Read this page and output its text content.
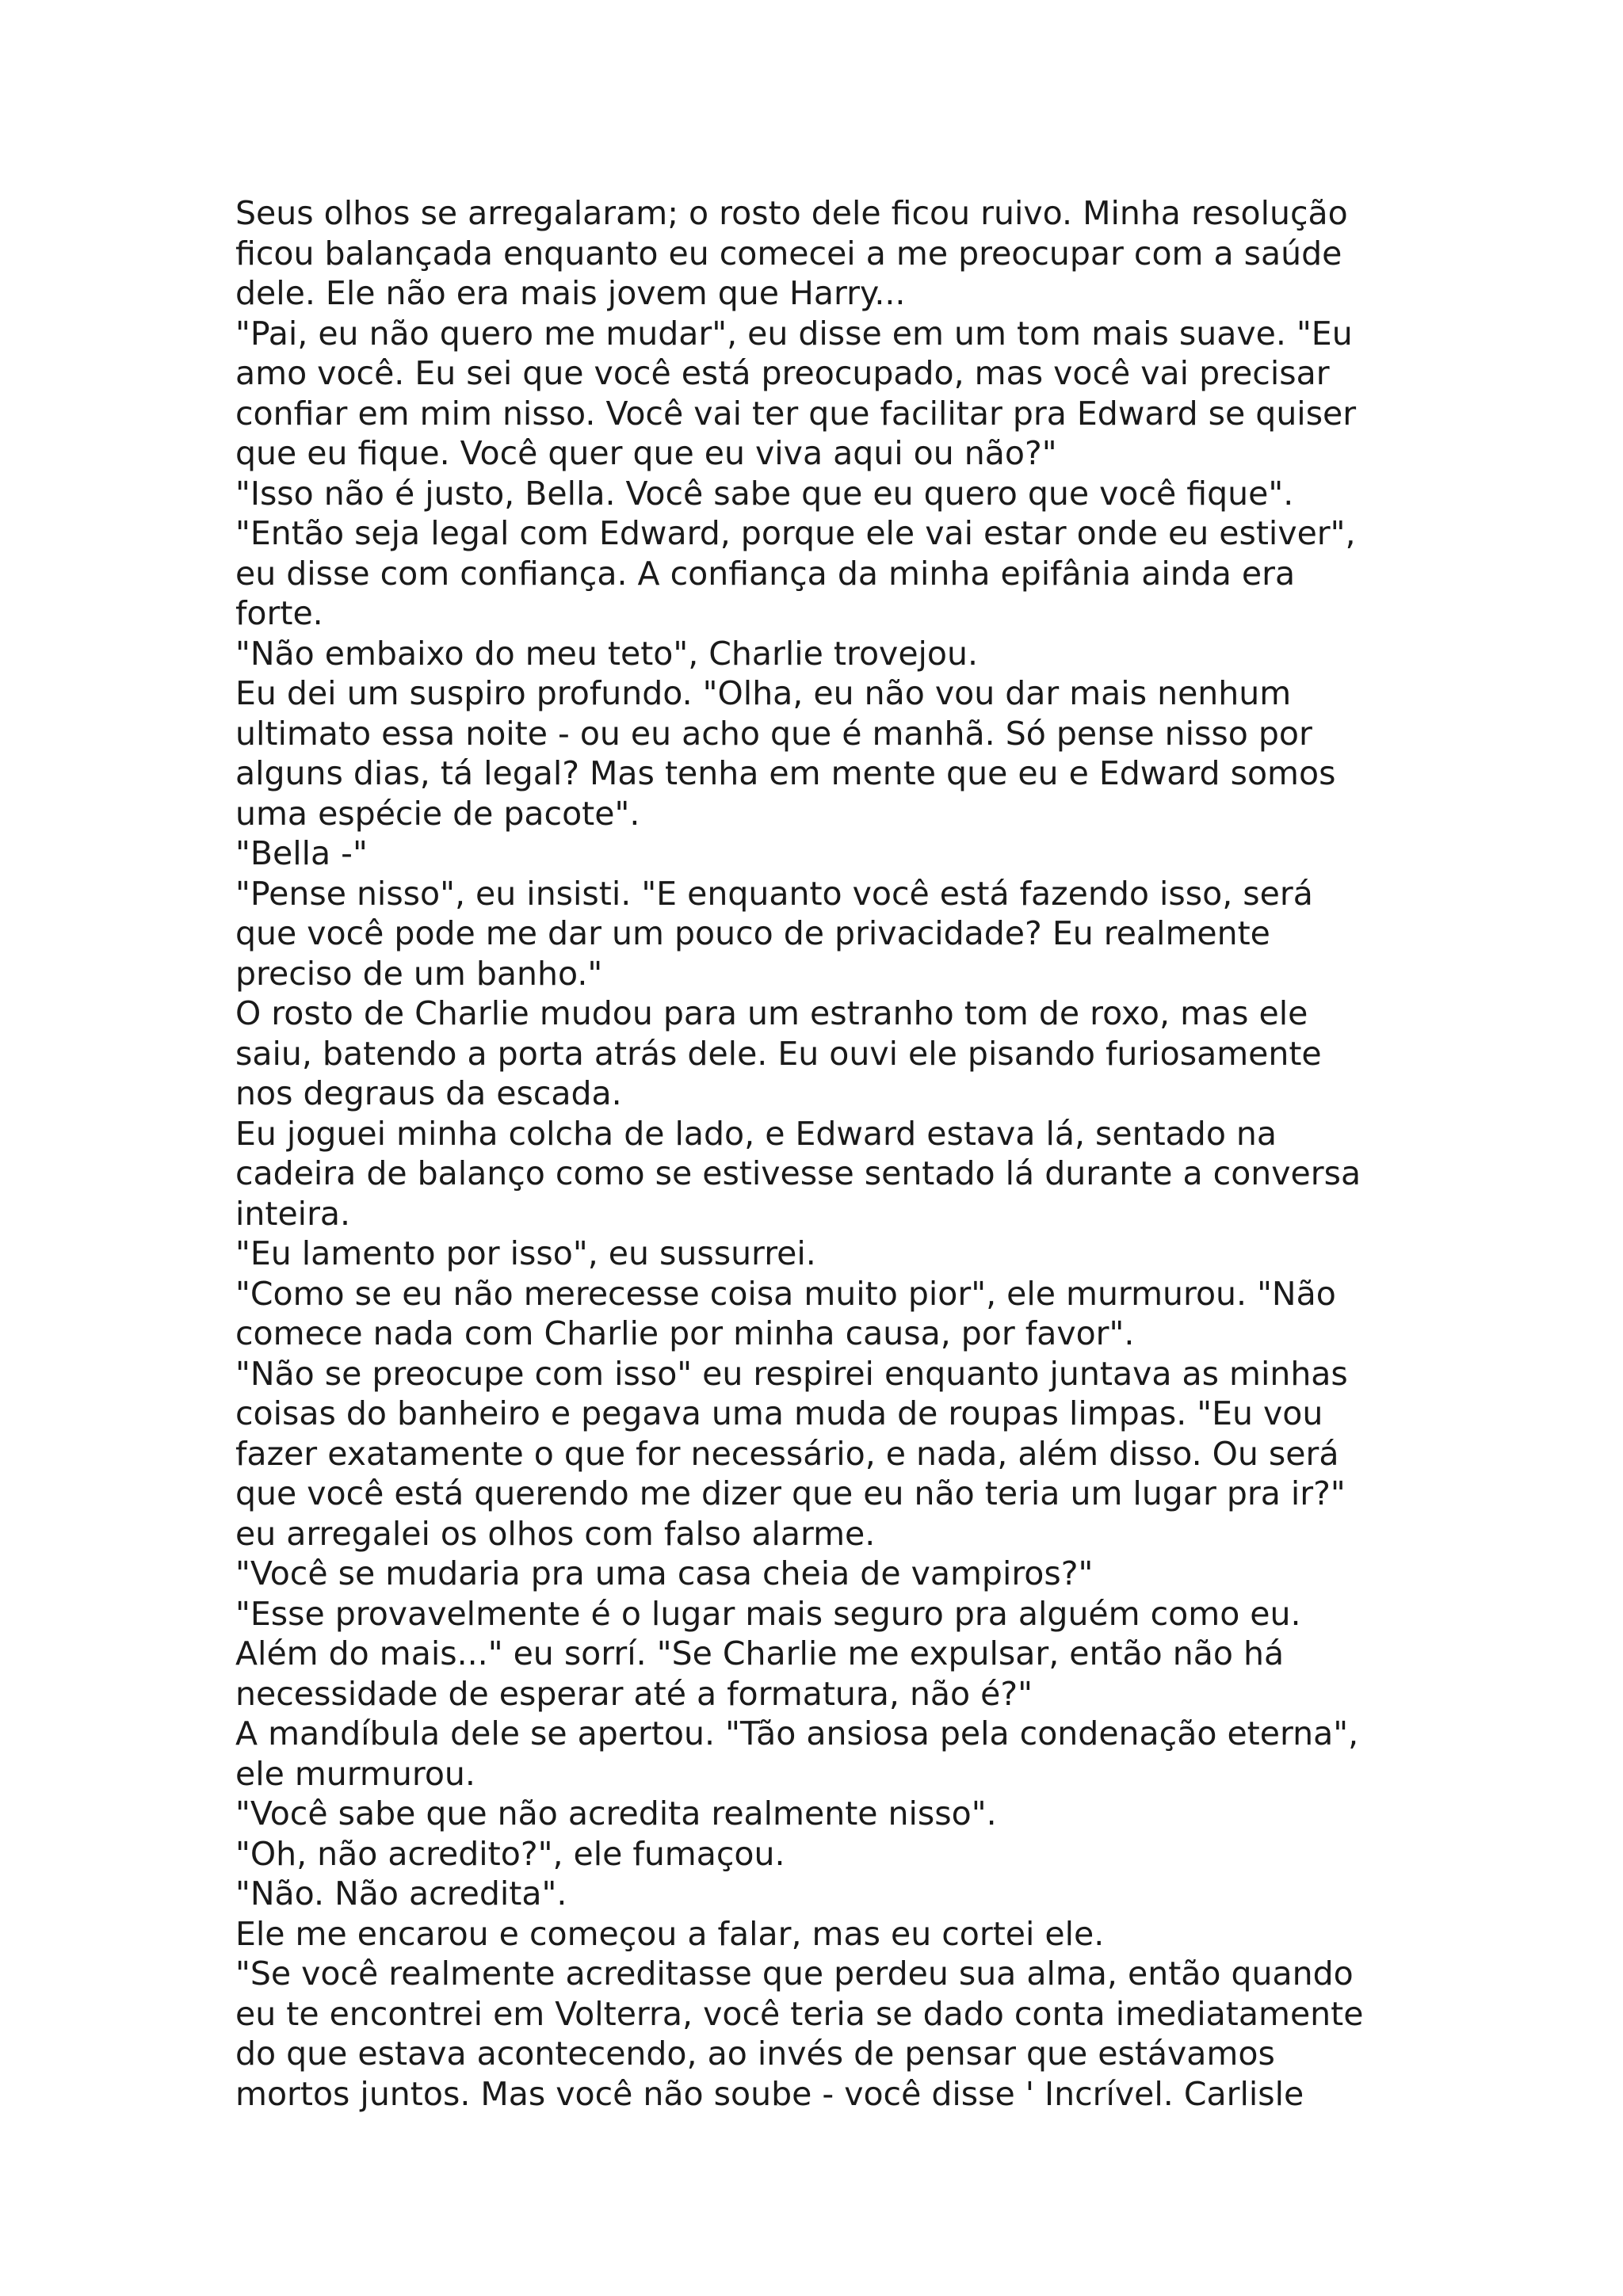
Seus olhos se arregalaram; o rosto dele ficou ruivo. Minha resolução
ficou balançada enquanto eu comecei a me preocupar com a saúde
dele. Ele não era mais jovem que Harry...
"Pai, eu não quero me mudar", eu disse em um tom mais suave. "Eu
amo você. Eu sei que você está preocupado, mas você vai precisar
confiar em mim nisso. Você vai ter que facilitar pra Edward se quiser
que eu fique. Você quer que eu viva aqui ou não?"
"Isso não é justo, Bella. Você sabe que eu quero que você fique".
"Então seja legal com Edward, porque ele vai estar onde eu estiver",
eu disse com confiança. A confiança da minha epifânia ainda era
forte.
"Não embaixo do meu teto", Charlie trovejou.
Eu dei um suspiro profundo. "Olha, eu não vou dar mais nenhum
ultimato essa noite - ou eu acho que é manhã. Só pense nisso por
alguns dias, tá legal? Mas tenha em mente que eu e Edward somos
uma espécie de pacote".
"Bella -"
"Pense nisso", eu insisti. "E enquanto você está fazendo isso, será
que você pode me dar um pouco de privacidade? Eu realmente
preciso de um banho."
O rosto de Charlie mudou para um estranho tom de roxo, mas ele
saiu, batendo a porta atrás dele. Eu ouvi ele pisando furiosamente
nos degraus da escada.
Eu joguei minha colcha de lado, e Edward estava lá, sentado na
cadeira de balanço como se estivesse sentado lá durante a conversa
inteira.
"Eu lamento por isso", eu sussurrei.
"Como se eu não merecesse coisa muito pior", ele murmurou. "Não
comece nada com Charlie por minha causa, por favor".
"Não se preocupe com isso" eu respirei enquanto juntava as minhas
coisas do banheiro e pegava uma muda de roupas limpas. "Eu vou
fazer exatamente o que for necessário, e nada, além disso. Ou será
que você está querendo me dizer que eu não teria um lugar pra ir?"
eu arregalei os olhos com falso alarme.
"Você se mudaria pra uma casa cheia de vampiros?"
"Esse provavelmente é o lugar mais seguro pra alguém como eu.
Além do mais..." eu sorrí. "Se Charlie me expulsar, então não há
necessidade de esperar até a formatura, não é?"
A mandíbula dele se apertou. "Tão ansiosa pela condenação eterna",
ele murmurou.
"Você sabe que não acredita realmente nisso".
"Oh, não acredito?", ele fumaçou.
"Não. Não acredita".
Ele me encarou e começou a falar, mas eu cortei ele.
"Se você realmente acreditasse que perdeu sua alma, então quando
eu te encontrei em Volterra, você teria se dado conta imediatamente
do que estava acontecendo, ao invés de pensar que estávamos
mortos juntos. Mas você não soube - você disse ' Incrível. Carlisle
